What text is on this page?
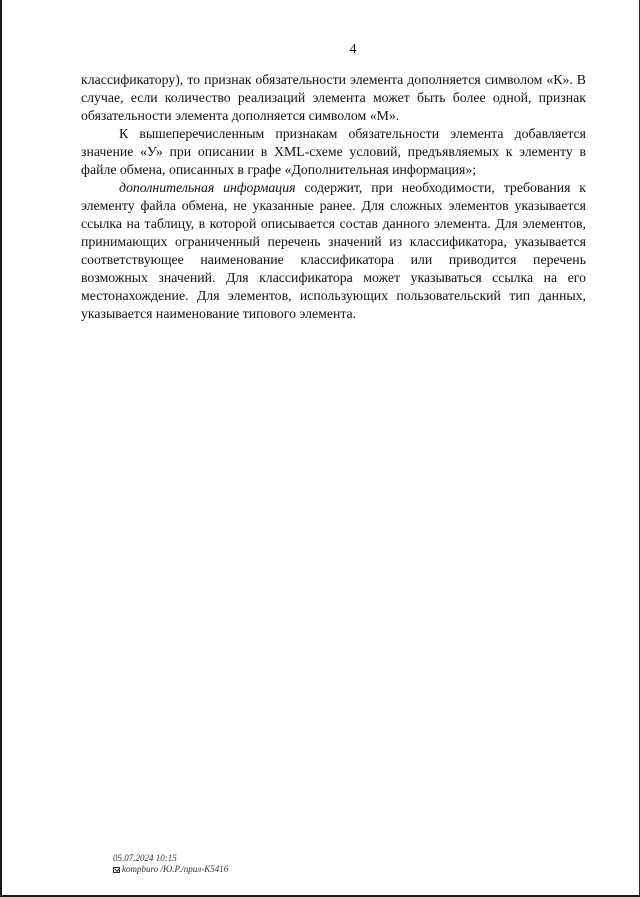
4

классификатору), то признак обязательности элемента дополняется символом «К». В случае, если количество реализаций элемента может быть более одной, признак обязательности элемента дополняется символом «М».

К вышеперечисленным признакам обязательности элемента добавляется значение «У» при описании в XML-схеме условий, предъявляемых к элементу в файле обмена, описанных в графе «Дополнительная информация»;

дополнительная информация содержит, при необходимости, требования к элементу файла обмена, не указанные ранее. Для сложных элементов указывается ссылка на таблицу, в которой описывается состав данного элемента. Для элементов, принимающих ограниченный перечень значений из классификатора, указывается соответствующее наименование классификатора или приводится перечень возможных значений. Для классификатора может указываться ссылка на его местонахождение. Для элементов, использующих пользовательский тип данных, указывается наименование типового элемента.

05.07.2024 10:15
kompburo /Ю.Р./прил-К5416
